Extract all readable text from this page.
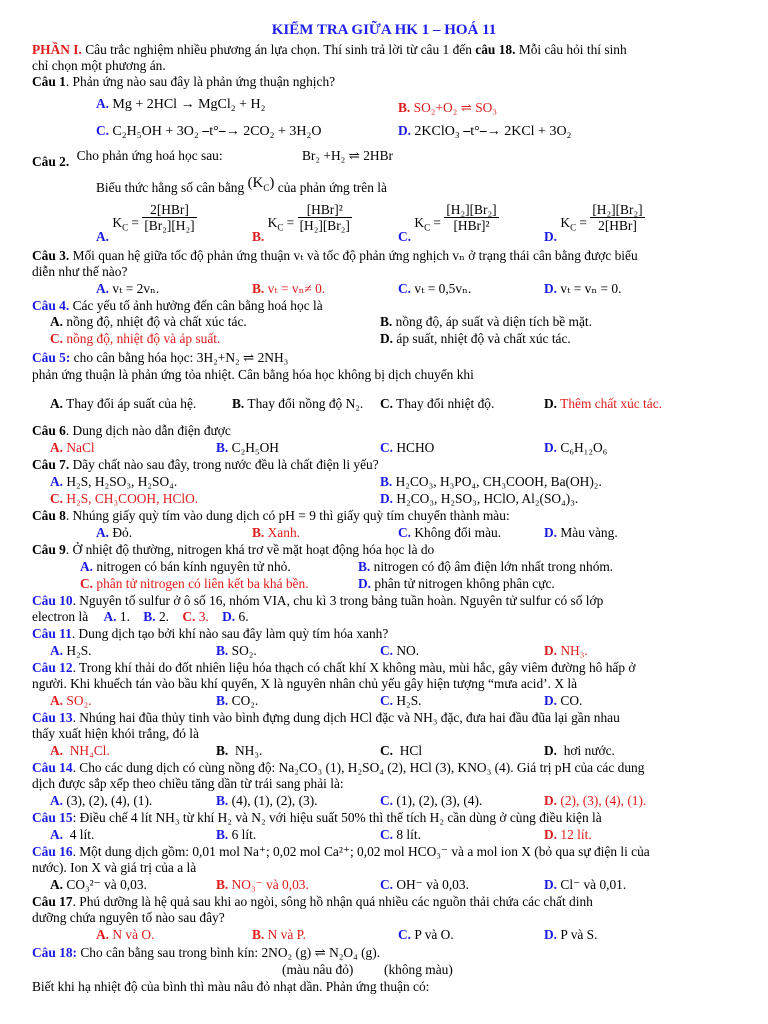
KIỂM TRA GIỮA HK 1 – HOÁ 11
PHẦN I. Câu trắc nghiệm nhiều phương án lựa chọn. Thí sinh trả lời từ câu 1 đến câu 18. Mỗi câu hỏi thí sinh
chỉ chọn một phương án.
Câu 1. Phản ứng nào sau đây là phản ứng thuận nghịch?
A. Mg + 2HCl → MgCl₂ + H₂	B. SO₂+O₂ ⇌ SO₃
C. C₂H₅OH + 3O₂ ⎯t°⎯→ 2CO₂ + 3H₂O	D. 2KClO₃ ⎯t°⎯→ 2KCl + 3O₂
Câu 2. Cho phản ứng hoá học sau:	Br₂ +H₂ ⇌ 2HBr
Biểu thức hằng số cân bằng $(K_C)$ của phản ứng trên là
A. $K_C = \frac{\text{2[HBr]}}{\text{[Br₂][H₂]}}$
B. $K_C = \frac{\text{[HBr]²}}{\text{[H₂][Br₂]}}$
C. $K_C = \frac{\text{[H₂][Br₂]}}{\text{[HBr]²}}$
D. $K_C = \frac{\text{[H₂][Br₂]}}{\text{2[HBr]}}$
Câu 3. Mối quan hệ giữa tốc độ phản ứng thuận vₜ và tốc độ phản ứng nghịch vₙ ở trạng thái cân bằng được biểu
diễn như thế nào?
A. vₜ = 2vₙ.	B. vₜ = vₙ≠ 0.	C. vₜ = 0,5vₙ.	D. vₜ = vₙ = 0.
Câu 4. Các yếu tố ảnh hưởng đến cân bằng hoá học là
A. nồng độ, nhiệt độ và chất xúc tác.	B. nồng độ, áp suất và diện tích bề mặt.
C. nồng độ, nhiệt độ và áp suất.	D. áp suất, nhiệt độ và chất xúc tác.
Câu 5: cho cân bằng hóa học: 3H₂+N₂ ⇌ 2NH₃
phản ứng thuận là phản ứng tỏa nhiệt. Cân bằng hóa học không bị dịch chuyển khi
A. Thay đổi áp suất của hệ.	B. Thay đổi nồng độ N₂. C. Thay đổi nhiệt độ.	D. Thêm chất xúc tác.
Câu 6. Dung dịch nào dẫn điện được
A. NaCl	B. C₂H₅OH	C. HCHO	D. C₆H₁₂O₆
Câu 7. Dãy chất nào sau đây, trong nước đều là chất điện li yếu?
A. H₂S, H₂SO₃, H₂SO₄.	B. H₂CO₃, H₃PO₄, CH₃COOH, Ba(OH)₂.
C. H₂S, CH₃COOH, HClO.	D. H₂CO₃, H₂SO₃, HClO, Al₂(SO₄)₃.
Câu 8. Nhúng giấy quỳ tím vào dung dịch có pH = 9 thì giấy quỳ tím chuyển thành màu:
A. Đỏ.	B. Xanh.	C. Không đổi màu.	D. Màu vàng.
Câu 9. Ở nhiệt độ thường, nitrogen khá trơ về mặt hoạt động hóa học là do
A. nitrogen có bán kính nguyên tử nhỏ.	B. nitrogen có độ âm điện lớn nhất trong nhóm.
C. phân tử nitrogen có liên kết ba khá bền.	D. phân tử nitrogen không phân cực.
Câu 10. Nguyên tố sulfur ở ô số 16, nhóm VIA, chu kì 3 trong bảng tuần hoàn. Nguyên tử sulfur có số lớp
electron là A. 1. B. 2. C. 3. D. 6.
Câu 11. Dung dịch tạo bởi khí nào sau đây làm quỳ tím hóa xanh?
A. H₂S.	B. SO₂.	C. NO.	D. NH₃.
Câu 12. Trong khí thải do đốt nhiên liệu hóa thạch có chất khí X không màu, mùi hắc, gây viêm đường hô hấp ở
người. Khi khuếch tán vào bầu khí quyển, X là nguyên nhân chủ yếu gây hiện tượng “mưa acid’. X là
A. SO₂.	B. CO₂.	C. H₂S.	D. CO.
Câu 13. Nhúng hai đũa thủy tinh vào bình đựng dung dịch HCl đặc và NH₃ đặc, đưa hai đầu đũa lại gần nhau
thấy xuất hiện khói trắng, đó là
A. NH₄Cl.	B. NH₃.	C. HCl	D. hơi nước.
Câu 14. Cho các dung dịch có cùng nồng độ: Na₂CO₃ (1), H₂SO₄ (2), HCl (3), KNO₃ (4). Giá trị pH của các dung
dịch được sắp xếp theo chiều tăng dần từ trái sang phải là:
A. (3), (2), (4), (1).	B. (4), (1), (2), (3).	C. (1), (2), (3), (4).	D. (2), (3), (4), (1).
Câu 15: Điều chế 4 lít NH₃ từ khí H₂ và N₂ với hiệu suất 50% thì thể tích H₂ cần dùng ở cùng điều kiện là
A. 4 lít.	B. 6 lít.	C. 8 lít.	D. 12 lít.
Câu 16. Một dung dịch gồm: 0,01 mol Na⁺; 0,02 mol Ca²⁺; 0,02 mol HCO₃⁻ và a mol ion X (bỏ qua sự điện li của
nước). Ion X và giá trị của a là
A. CO₃²⁻ và 0,03.	B. NO₃⁻ và 0,03.	C. OH⁻ và 0,03.	D. Cl⁻ và 0,01.
Câu 17. Phú dưỡng là hệ quả sau khi ao ngòi, sông hồ nhận quá nhiều các nguồn thải chứa các chất dinh
dưỡng chứa nguyên tố nào sau đây?
A. N và O.	B. N và P.	C. P và O.	D. P và S.
Câu 18: Cho cân bằng sau trong bình kín: 2NO₂ (g) ⇌ N₂O₄ (g).
(màu nâu đỏ) (không màu)
Biết khi hạ nhiệt độ của bình thì màu nâu đỏ nhạt dần. Phản ứng thuận có:
